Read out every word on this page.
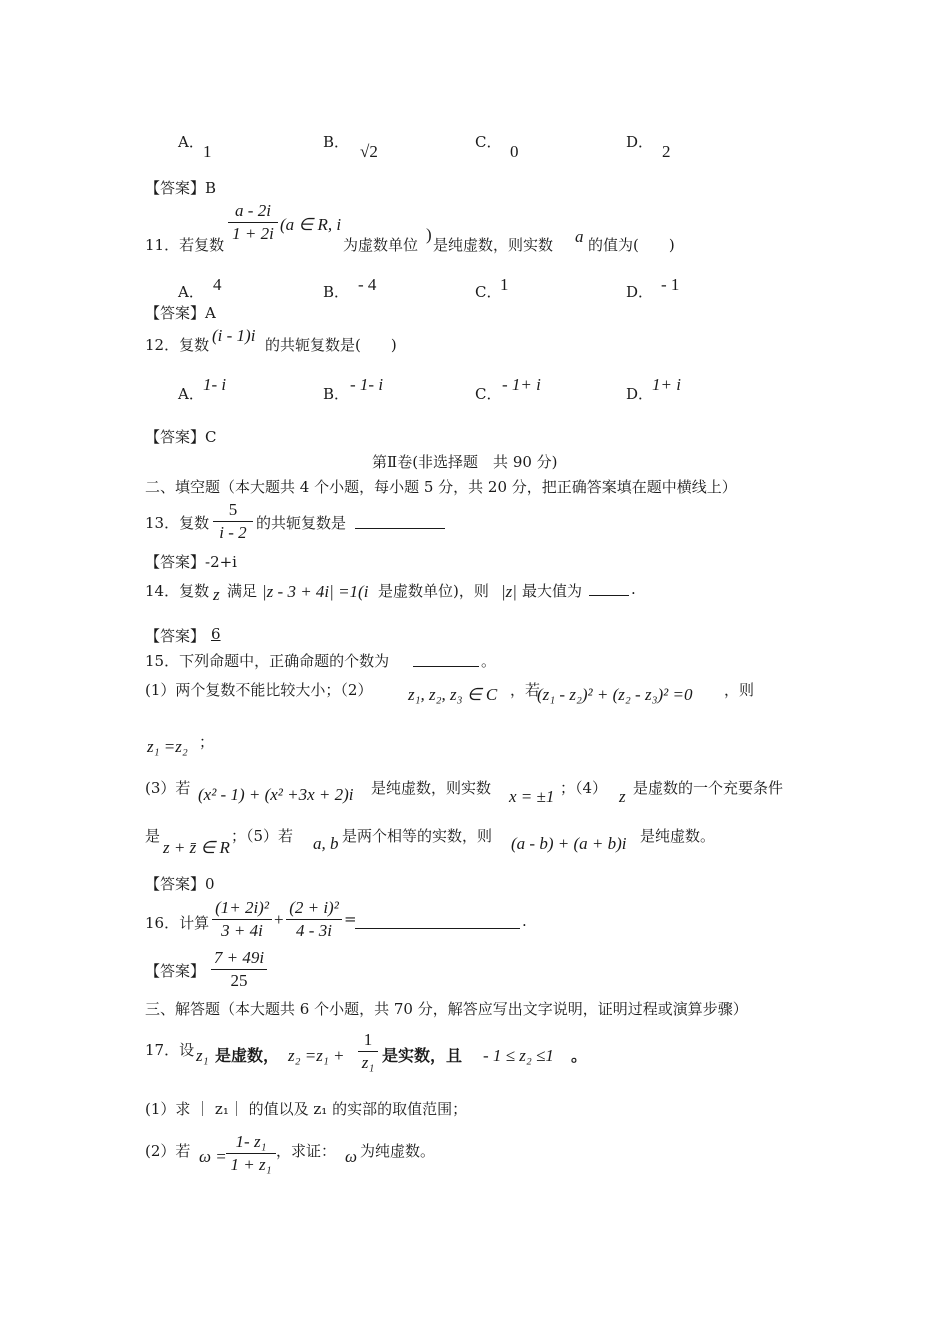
A． 1	B． √2	C． 0	D． 2
【答案】B
11．若复数
$\frac{a - 2i}{1 + 2i} (a$ ∈ R, i
为虚数单位
)
是纯虚数，则实数 a 的值为(　　)
A． 4	B． - 4	C．
1	D． - 1
【答案】A
12．复数 (i - 1)i 的共轭复数是(　　)
A． 1- i	B． - 1- i	C． - 1+ i	D．
1+ i
【答案】C
第Ⅱ卷(非选择题　共 90 分)
二、填空题（本大题共 4 个小题，每小题 5 分，共 20 分，把正确答案填在题中横线上）
13．复数 $\frac{5}{i - 2}$ 的共轭复数是
【答案】-2+i
14．复数 z 满足 |z - 3 + 4i| =1(i 是虚数单位)，则 |z| 最大值为	.
【答案】 6
15．下列命题中，正确命题的个数为	。
(1）两个复数不能比较大小；（2） z₁, z₂, z₃ ∈ C ，若
(z₁ - z₂)² + (z₂ - z₃)² =0 ，则
z₁ =z₂ ；
(3）若 (x² - 1) + (x² +3x + 2)i 是纯虚数，则实数 x = ±1 ；（4） z 是虚数的一个充要条件
是
z + z̄ ∈ R
；（5）若 a, b 是两个相等的实数，则 (a - b) + (a + b)i 是纯虚数。
【答案】0
16．计算 $\frac{\text{(1+ 2i)²}}{3 + 4i} + \frac{\text{(2 + i)²}}{4 - 3i}$ =	.
【答案】 $\frac{7 + 49i}{25}$
三、解答题（本大题共 6 个小题，共 70 分，解答应写出文字说明，证明过程或演算步骤）
17．设 z₁ 是虚数， $z_2 =z_1 + \frac{1}{\text{z₁}}$ 是实数，且 - 1 ≤ z₂ ≤1 。
(1）求 ｜ z₁｜ 的值以及 z₁ 的实部的取值范围；
(2）若 $\omega = \frac{\text{1- z₁}}{\text{1 + z₁}}$ ，求证： ω 为纯虚数。
